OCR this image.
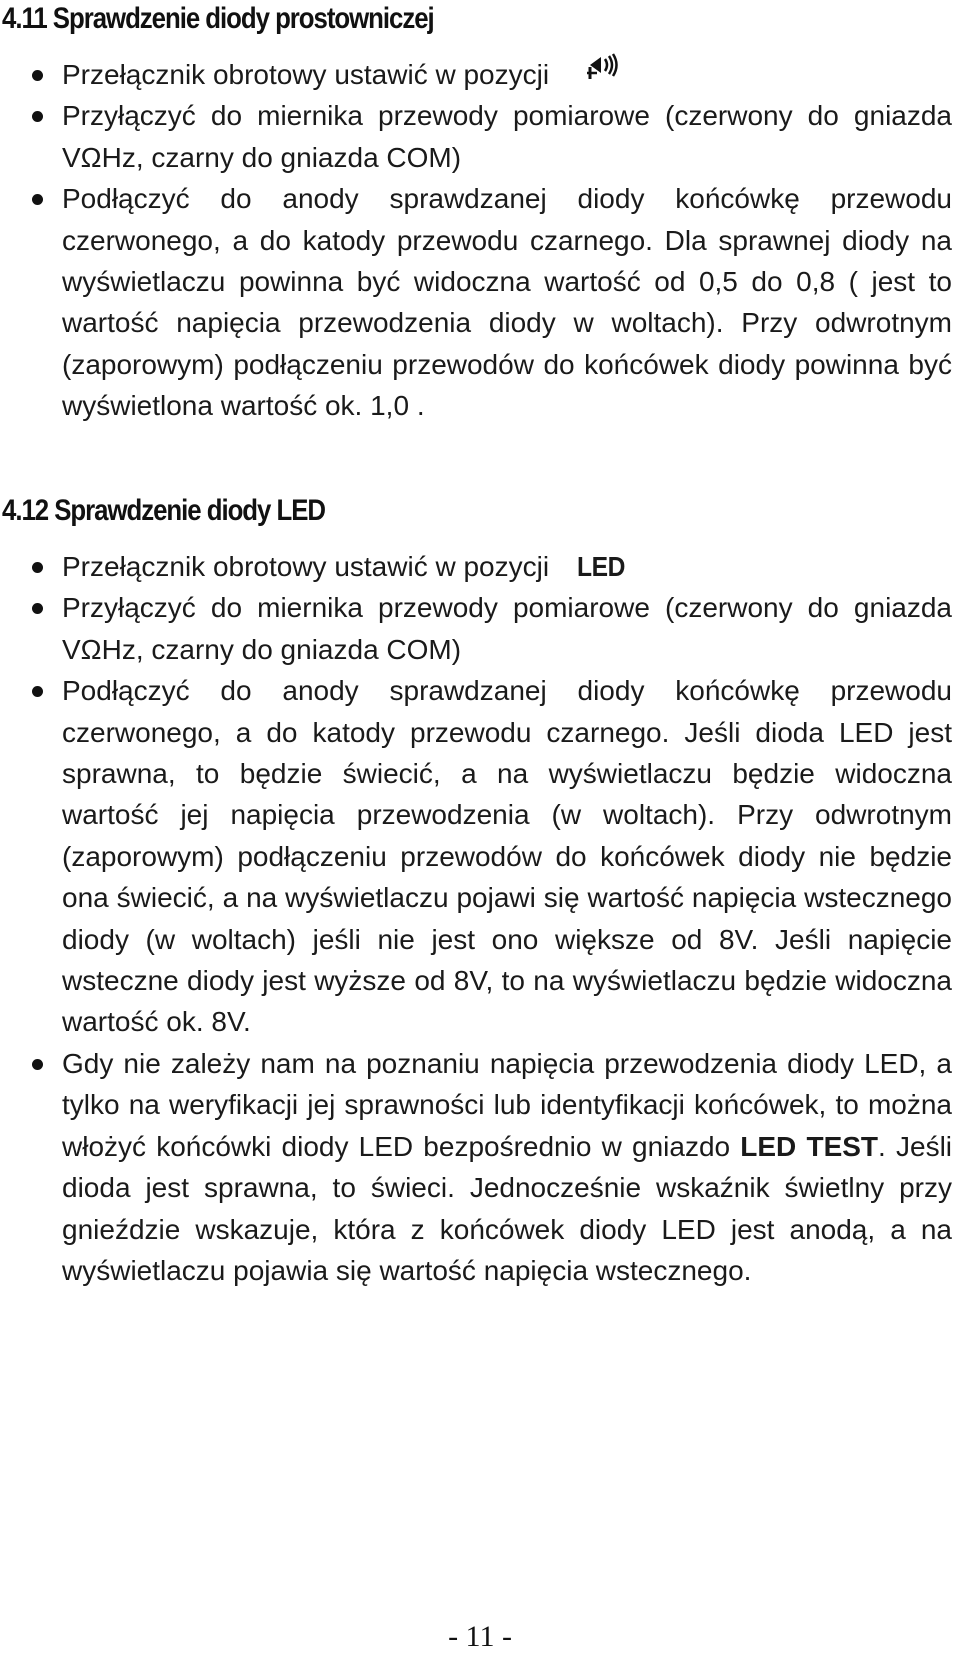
4.11 Sprawdzenie diody prostowniczej
Przełącznik obrotowy ustawić w pozycji
Przyłączyć do miernika przewody pomiarowe (czerwony do gniazda VΩHz, czarny do gniazda COM)
Podłączyć do anody sprawdzanej diody końcówkę przewodu czerwonego, a do katody przewodu czarnego. Dla sprawnej diody na wyświetlaczu powinna być widoczna wartość od 0,5 do 0,8 ( jest to wartość napięcia przewodzenia diody w woltach). Przy odwrotnym (zaporowym) podłączeniu przewodów do końcówek diody powinna być wyświetlona wartość ok. 1,0 .
4.12 Sprawdzenie diody LED
Przełącznik obrotowy ustawić w pozycji LED
Przyłączyć do miernika przewody pomiarowe (czerwony do gniazda VΩHz, czarny do gniazda COM)
Podłączyć do anody sprawdzanej diody końcówkę przewodu czerwonego, a do katody przewodu czarnego. Jeśli dioda LED jest sprawna, to będzie świecić, a na wyświetlaczu będzie widoczna wartość jej napięcia przewodzenia (w woltach). Przy odwrotnym (zaporowym) podłączeniu przewodów do końcówek diody nie będzie ona świecić, a na wyświetlaczu pojawi się wartość napięcia wstecznego diody (w woltach) jeśli nie jest ono większe od 8V. Jeśli napięcie wsteczne diody jest wyższe od 8V, to na wyświetlaczu będzie widoczna wartość ok. 8V.
Gdy nie zależy nam na poznaniu napięcia przewodzenia diody LED, a tylko na weryfikacji jej sprawności lub identyfikacji końcówek, to można włożyć końcówki diody LED bezpośrednio w gniazdo LED TEST. Jeśli dioda jest sprawna, to świeci. Jednocześnie wskaźnik świetlny przy gnieździe wskazuje, która z końcówek diody LED jest anodą, a na wyświetlaczu pojawia się wartość napięcia wstecznego.
- 11 -
